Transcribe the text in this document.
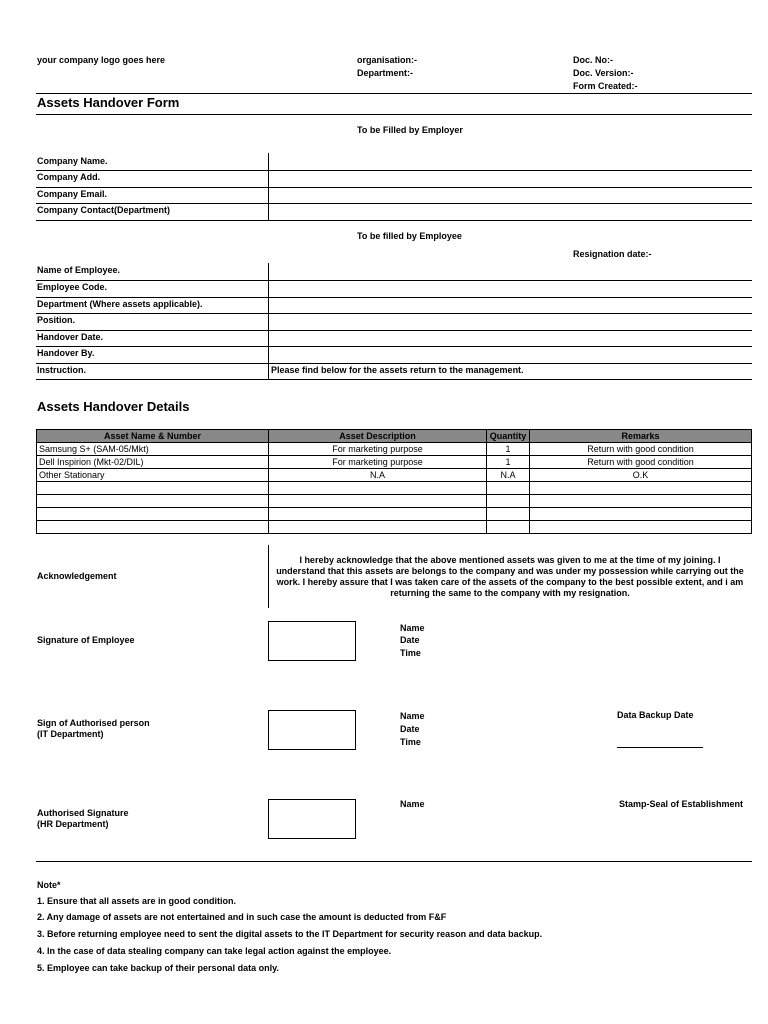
your company logo goes here	organisation:-
Department:-
Doc. No:-
Doc. Version:-
Form Created:-
Assets Handover Form
To be Filled by Employer
Company Name.
Company Add.
Company Email.
Company Contact(Department)
To be filled by Employee
Resignation date:-
Name of Employee.
Employee Code.
Department (Where assets applicable).
Position.
Handover Date.
Handover By.
Instruction.	Please find below for the assets return to the management.
Assets Handover Details
Asset Name & Number	Asset Description	Quantity	Remarks
Samsung S+ (SAM-05/Mkt)	For marketing purpose	1	Return with good condition
Dell Inspirion (Mkt-02/DIL)	For marketing purpose	1	Return with good condition
Other Stationary	N.A	N.A	O.K

Acknowledgement
I hereby acknowledge that the above mentioned assets was given to me at the time of my joining. I understand that this assets are belongs to the company and was under my possession while carrying out the work. I hereby assure that I was taken care of the assets of the company to the best possible extent, and i am returning the same to the company with my resignation.
Signature of Employee
Name
Date
Time
Sign of Authorised person
(IT Department)
Name
Date
Time
Data Backup Date
Authorised Signature
(HR Department)
Name	Stamp-Seal of Establishment
Note*
1. Ensure that all assets are in good condition.
2. Any damage of assets are not entertained and in such case the amount is deducted from F&F
3. Before returning employee need to sent the digital assets to the IT Department for security reason and data backup.
4. In the case of data stealing company can take legal action against the employee.
5. Employee can take backup of their personal data only.
